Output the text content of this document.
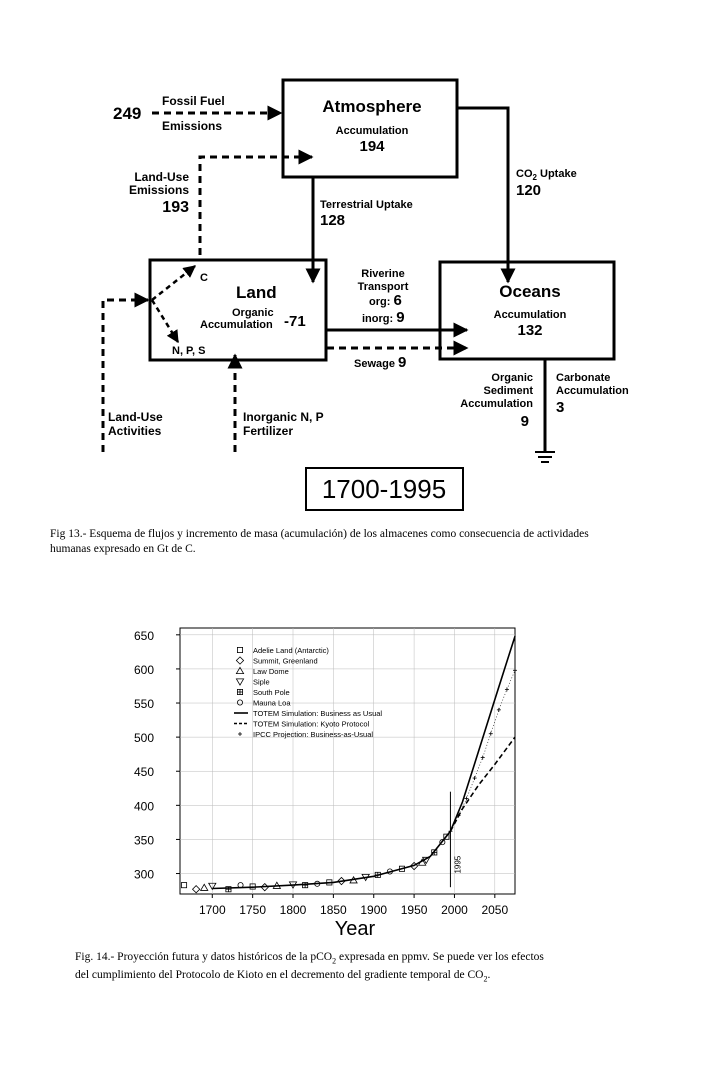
Atmosphere
Accumulation
194
249
Fossil Fuel
Emissions
Land-Use
Emissions
193	Terrestrial Uptake
128
$CO_2$ Uptake
120
Land
C
N, P, S
Organic
Accumulation -71
Land-Use
Activities
Inorganic N, P
Fertilizer
Riverine
Transport
org: 6
inorg: 9
Sewage 9
Oceans
Accumulation
132
Organic
Sediment
Accumulation
9
Carbonate
Accumulation
3
1700-1995
Fig 13.- Esquema de flujos y incremento de masa (acumulación) de los almacenes como consecuencia de actividades
humanas expresado en Gt de C.
300
350
400
450
500
550
600
650
1700 1750 1800 1850 1900 1950 2000 2050
1995
Adelie Land (Antarctic)
Summit, Greenland
Law Dome
Siple
South Pole
Mauna Loa
TOTEM Simulation: Business as Usual
TOTEM Simulation: Kyoto Protocol
IPCC Projection: Business-as-Usual
Year
Fig. 14.- Proyección futura y datos históricos de la pCO$_2$ expresada en ppmv. Se puede ver los efectos
del cumplimiento del Protocolo de Kioto en el decremento del gradiente temporal de $CO_2$.
